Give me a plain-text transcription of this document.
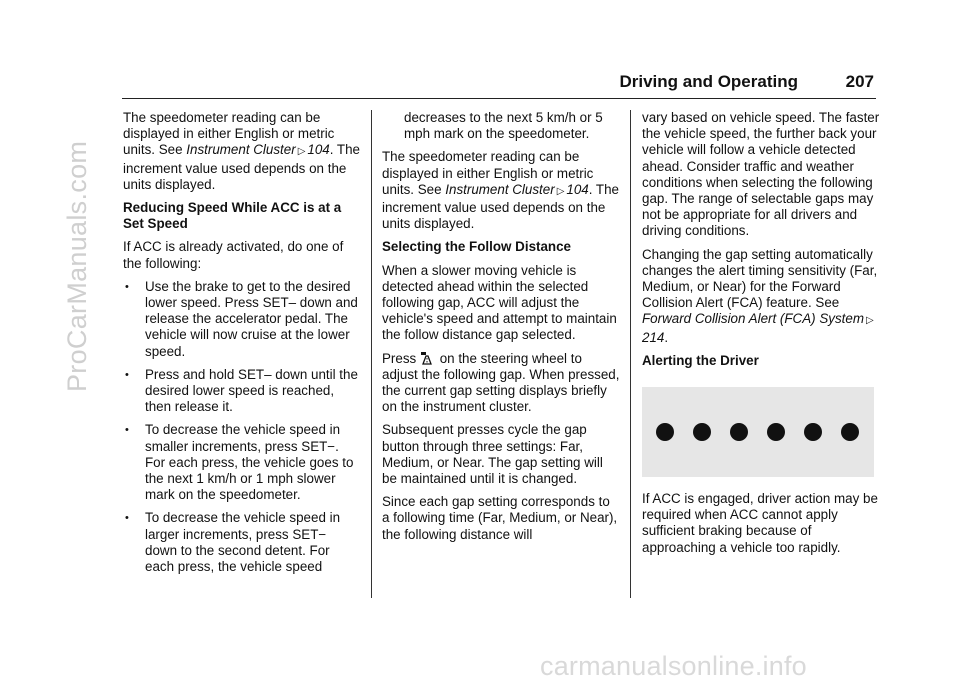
ProCarManuals.com
carmanualsonline.info
Driving and Operating	207

The speedometer reading can be displayed in either English or metric units. See Instrument Cluster ▷ 104. The increment value used depends on the units displayed.

Reducing Speed While ACC is at a Set Speed

If ACC is already activated, do one of the following:

• Use the brake to get to the desired lower speed. Press SET– down and release the accelerator pedal. The vehicle will now cruise at the lower speed.

• Press and hold SET– down until the desired lower speed is reached, then release it.

• To decrease the vehicle speed in smaller increments, press SET−. For each press, the vehicle goes to the next 1 km/h or 1 mph slower mark on the speedometer.

• To decrease the vehicle speed in larger increments, press SET− down to the second detent. For each press, the vehicle speed

decreases to the next 5 km/h or 5 mph mark on the speedometer.

The speedometer reading can be displayed in either English or metric units. See Instrument Cluster ▷ 104. The increment value used depends on the units displayed.

Selecting the Follow Distance

When a slower moving vehicle is detected ahead within the selected following gap, ACC will adjust the vehicle's speed and attempt to maintain the follow distance gap selected.

Press on the steering wheel to adjust the following gap. When pressed, the current gap setting displays briefly on the instrument cluster.

Subsequent presses cycle the gap button through three settings: Far, Medium, or Near. The gap setting will be maintained until it is changed.

Since each gap setting corresponds to a following time (Far, Medium, or Near), the following distance will

vary based on vehicle speed. The faster the vehicle speed, the further back your vehicle will follow a vehicle detected ahead. Consider traffic and weather conditions when selecting the following gap. The range of selectable gaps may not be appropriate for all drivers and driving conditions.

Changing the gap setting automatically changes the alert timing sensitivity (Far, Medium, or Near) for the Forward Collision Alert (FCA) feature. See Forward Collision Alert (FCA) System ▷214.

Alerting the Driver

If ACC is engaged, driver action may be required when ACC cannot apply sufficient braking because of approaching a vehicle too rapidly.
